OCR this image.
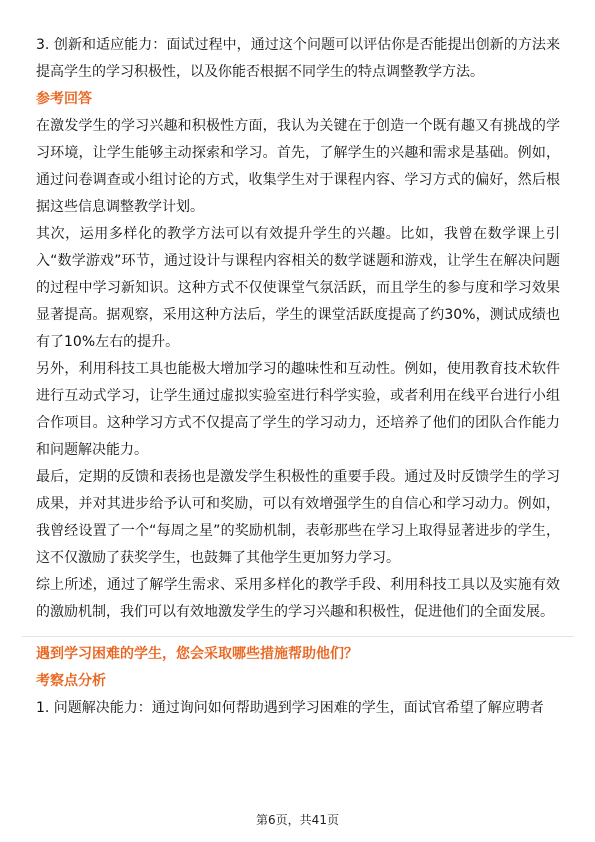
3. 创新和适应能力：面试过程中，通过这个问题可以评估你是否能提出创新的方法来提高学生的学习积极性，以及你能否根据不同学生的特点调整教学方法。

参考回答

在激发学生的学习兴趣和积极性方面，我认为关键在于创造一个既有趣又有挑战的学习环境，让学生能够主动探索和学习。首先，了解学生的兴趣和需求是基础。例如，通过问卷调查或小组讨论的方式，收集学生对于课程内容、学习方式的偏好，然后根据这些信息调整教学计划。

其次，运用多样化的教学方法可以有效提升学生的兴趣。比如，我曾在数学课上引入“数学游戏”环节，通过设计与课程内容相关的数学谜题和游戏，让学生在解决问题的过程中学习新知识。这种方式不仅使课堂气氛活跃，而且学生的参与度和学习效果显著提高。据观察，采用这种方法后，学生的课堂活跃度提高了约30%，测试成绩也有了10%左右的提升。

另外，利用科技工具也能极大增加学习的趣味性和互动性。例如，使用教育技术软件进行互动式学习，让学生通过虚拟实验室进行科学实验，或者利用在线平台进行小组合作项目。这种学习方式不仅提高了学生的学习动力，还培养了他们的团队合作能力和问题解决能力。

最后，定期的反馈和表扬也是激发学生积极性的重要手段。通过及时反馈学生的学习成果，并对其进步给予认可和奖励，可以有效增强学生的自信心和学习动力。例如，我曾经设置了一个“每周之星”的奖励机制，表彰那些在学习上取得显著进步的学生，这不仅激励了获奖学生，也鼓舞了其他学生更加努力学习。

综上所述，通过了解学生需求、采用多样化的教学手段、利用科技工具以及实施有效的激励机制，我们可以有效地激发学生的学习兴趣和积极性，促进他们的全面发展。

遇到学习困难的学生，您会采取哪些措施帮助他们？

考察点分析

1. 问题解决能力：通过询问如何帮助遇到学习困难的学生，面试官希望了解应聘者

第6页，共41页
